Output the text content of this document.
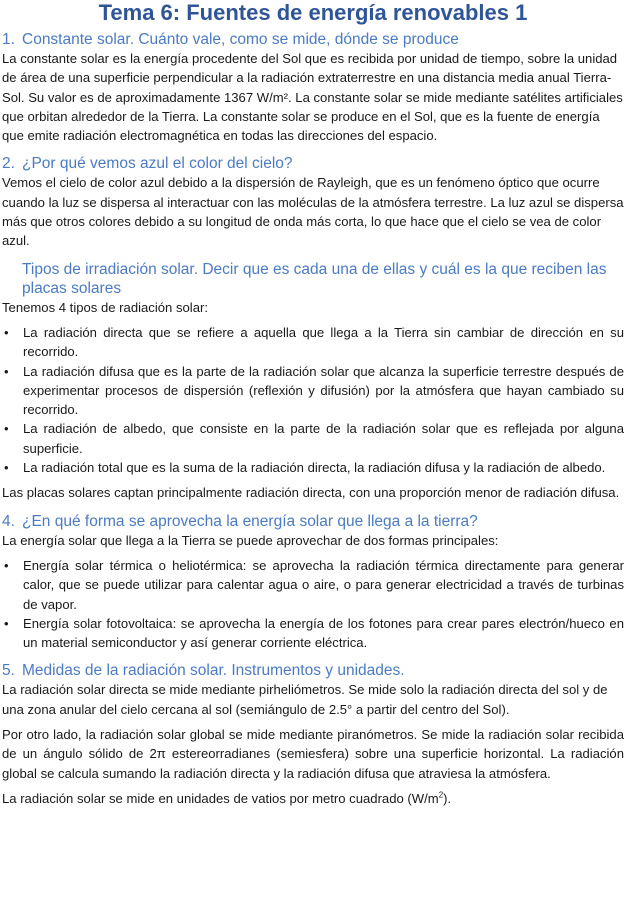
Tema 6: Fuentes de energía renovables 1
1. Constante solar. Cuánto vale, como se mide, dónde se produce

La constante solar es la energía procedente del Sol que es recibida por unidad de tiempo, sobre la unidad de área de una superficie perpendicular a la radiación extraterrestre en una distancia media anual Tierra-Sol. Su valor es de aproximadamente 1367 W/m². La constante solar se mide mediante satélites artificiales que orbitan alrededor de la Tierra. La constante solar se produce en el Sol, que es la fuente de energía que emite radiación electromagnética en todas las direcciones del espacio.

2. ¿Por qué vemos azul el color del cielo?

Vemos el cielo de color azul debido a la dispersión de Rayleigh, que es un fenómeno óptico que ocurre cuando la luz se dispersa al interactuar con las moléculas de la atmósfera terrestre. La luz azul se dispersa más que otros colores debido a su longitud de onda más corta, lo que hace que el cielo se vea de color azul.

Tipos de irradiación solar. Decir que es cada una de ellas y cuál es la que reciben las placas solares

Tenemos 4 tipos de radiación solar:

• La radiación directa que se refiere a aquella que llega a la Tierra sin cambiar de dirección en su recorrido.
• La radiación difusa que es la parte de la radiación solar que alcanza la superficie terrestre después de experimentar procesos de dispersión (reflexión y difusión) por la atmósfera que hayan cambiado su recorrido.
• La radiación de albedo, que consiste en la parte de la radiación solar que es reflejada por alguna superficie.
• La radiación total que es la suma de la radiación directa, la radiación difusa y la radiación de albedo.

Las placas solares captan principalmente radiación directa, con una proporción menor de radiación difusa.

4. ¿En qué forma se aprovecha la energía solar que llega a la tierra?

La energía solar que llega a la Tierra se puede aprovechar de dos formas principales:

• Energía solar térmica o heliotérmica: se aprovecha la radiación térmica directamente para generar calor, que se puede utilizar para calentar agua o aire, o para generar electricidad a través de turbinas de vapor.
• Energía solar fotovoltaica: se aprovecha la energía de los fotones para crear pares electrón/hueco en un material semiconductor y así generar corriente eléctrica.
5. Medidas de la radiación solar. Instrumentos y unidades.

La radiación solar directa se mide mediante pirheliómetros. Se mide solo la radiación directa del sol y de una zona anular del cielo cercana al sol (semiángulo de 2.5° a partir del centro del Sol).

Por otro lado, la radiación solar global se mide mediante piranómetros. Se mide la radiación solar recibida de un ángulo sólido de 2π estereorradianes (semiesfera) sobre una superficie horizontal. La radiación global se calcula sumando la radiación directa y la radiación difusa que atraviesa la atmósfera.

La radiación solar se mide en unidades de vatios por metro cuadrado $(W/m^2)$.
